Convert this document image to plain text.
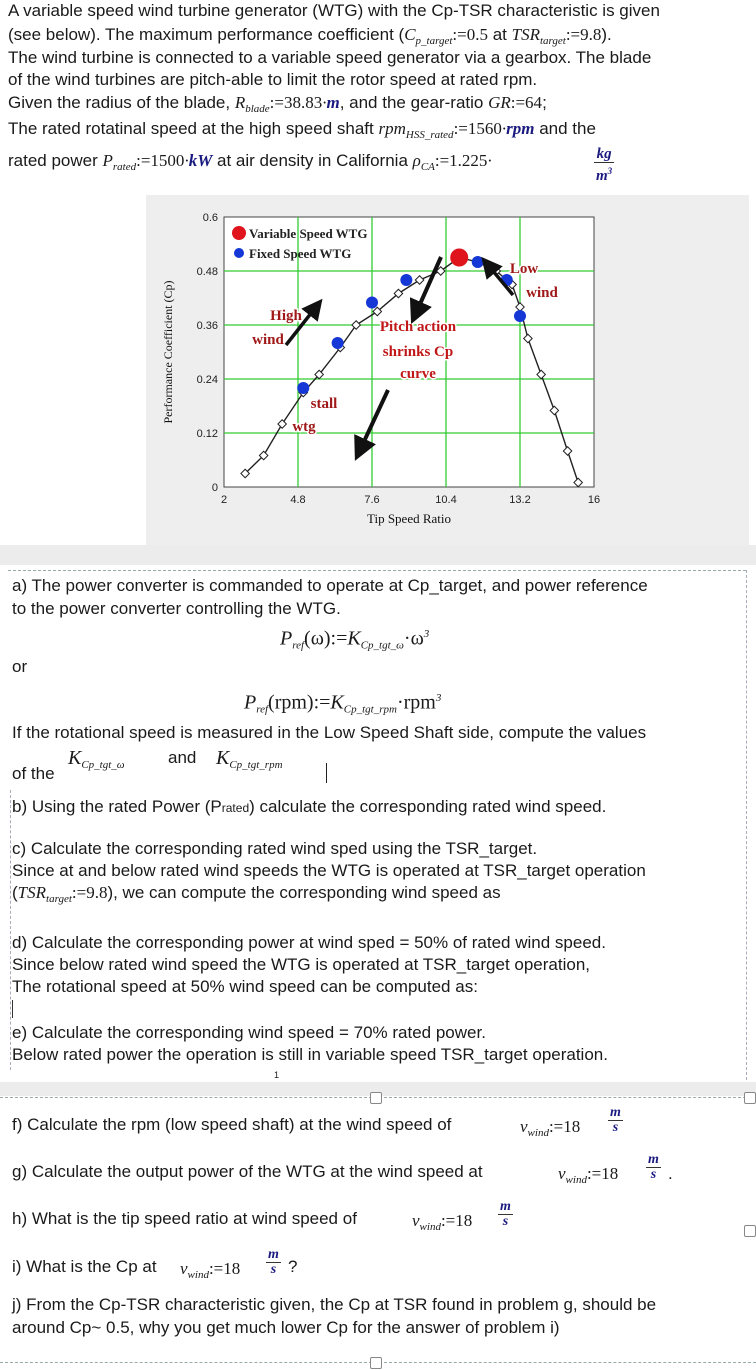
A variable speed wind turbine generator (WTG) with the Cp-TSR characteristic is given
(see below). The maximum performance coefficient ($C_{p\_target}:=0.5$ at $TSR_{target}:=9.8$).
The wind turbine is connected to a variable speed generator via a gearbox. The blade
of the wind turbines are pitch-able to limit the rotor speed at rated rpm.
Given the radius of the blade, $R_{blade}:=38.83\cdot m$, and the gear-ratio GR:=64;
The rated rotatinal speed at the high speed shaft rpm$_{HSS\_rated}$:=1560·rpm and the
rated power $P_{rated}:=1500\cdot kW$ at air density in California $\rho_{CA}:=1.225\cdot$	$\frac{kg}{m^3}$
2	4.8	7.6	10.4	13.2	16
0
0.12
0.24
0.36
0.48
0.6
Tip Speed Ratio
Performance Coefficient (Cp)
Variable Speed WTG
Fixed Speed WTG
High
wind
Low
wind
Pitch action
shrinks Cp
curve
stall
wtg
a) The power converter is commanded to operate at Cp_target, and power reference
to the power converter controlling the WTG.
$P_{ref}(\omega):=K_{Cp\_tgt\_\omega}\cdot\omega^3$
or
$P_{ref}(rpm):=K_{Cp\_tgt\_rpm}\cdot rpm^3$
If the rotational speed is measured in the Low Speed Shaft side, compute the values
of the
$K_{Cp\_tgt\_\omega}$	and $K_{Cp\_tgt\_rpm}$
b) Using the rated Power (Prated) calculate the corresponding rated wind speed.
c) Calculate the corresponding rated wind sped using the TSR_target.
Since at and below rated wind speeds the WTG is operated at TSR_target operation
$(TSR_{target}:=9.8)$, we can compute the corresponding wind speed as
d) Calculate the corresponding power at wind sped = 50% of rated wind speed.
Since below rated wind speed the WTG is operated at TSR_target operation,
The rotational speed at 50% wind speed can be computed as:
e) Calculate the corresponding wind speed = 70% rated power.
Below rated power the operation is still in variable speed TSR_target operation.
1
f) Calculate the rpm (low speed shaft) at the wind speed of	$v_{wind}:=18 \frac{m}{s}$
g) Calculate the output power of the WTG at the wind speed at	$v_{wind}:=18 \frac{m}{s}$ .
h) What is the tip speed ratio at wind speed of	$v_{wind}:=18 \frac{m}{s}$
i) What is the Cp at $v_{wind}:=18 \frac{m}{s}$ ?
j) From the Cp-TSR characteristic given, the Cp at TSR found in problem g, should be
around Cp~ 0.5, why you get much lower Cp for the answer of problem i)
